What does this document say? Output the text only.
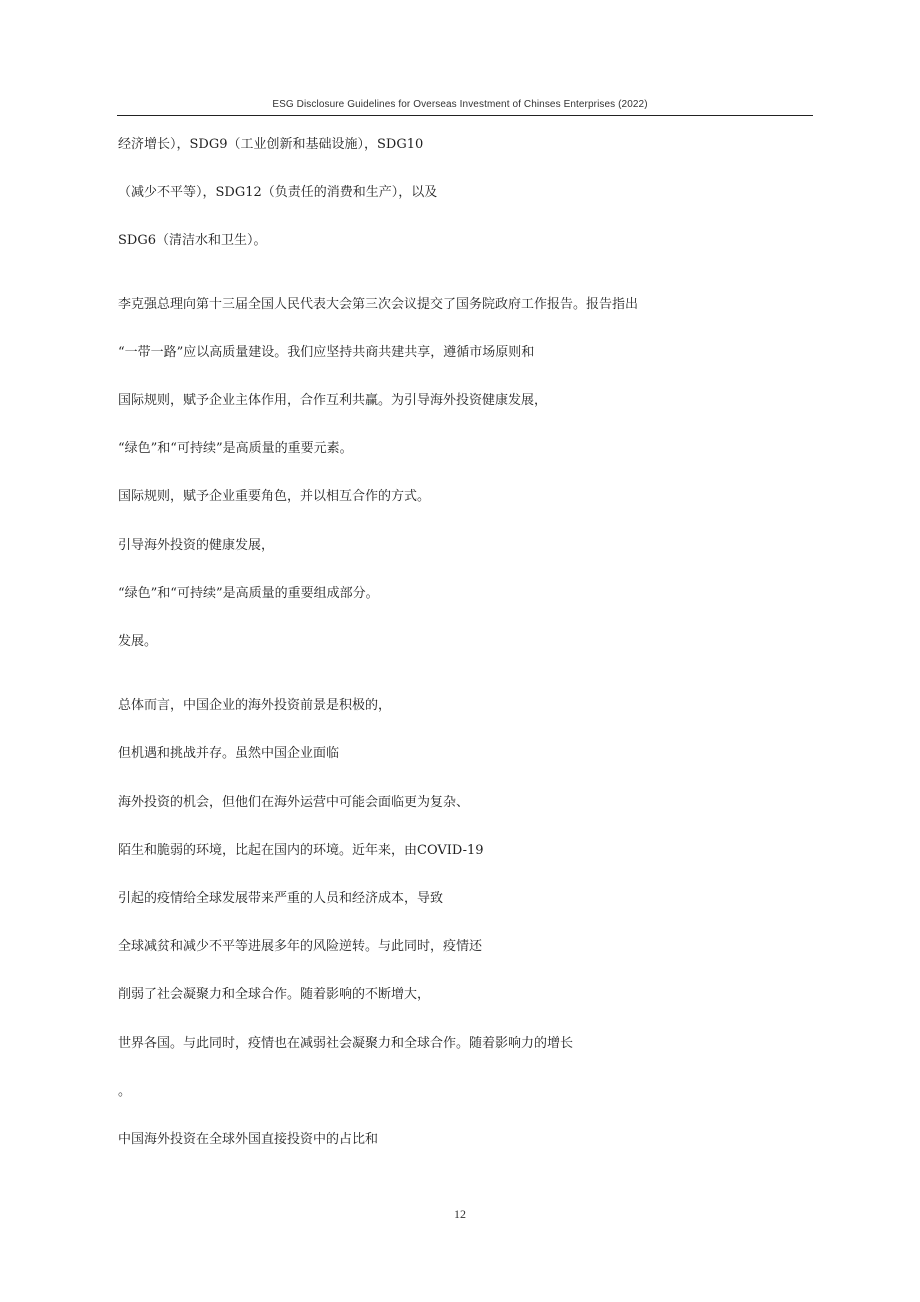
ESG Disclosure Guidelines for Overseas Investment of Chinses Enterprises (2022)
经济增长），SDG9（工业创新和基础设施），SDG10
（减少不平等），SDG12（负责任的消费和生产），以及
SDG6（清洁水和卫生）。
李克强总理向第十三届全国人民代表大会第三次会议提交了国务院政府工作报告。报告指出
“一带一路”应以高质量建设。我们应坚持共商共建共享，遵循市场原则和
国际规则，赋予企业主体作用，合作互利共赢。为引导海外投资健康发展，
“绿色”和“可持续”是高质量的重要元素。
国际规则，赋予企业重要角色，并以相互合作的方式。
引导海外投资的健康发展，
“绿色”和“可持续”是高质量的重要组成部分。
发展。
总体而言，中国企业的海外投资前景是积极的，
但机遇和挑战并存。虽然中国企业面临
海外投资的机会，但他们在海外运营中可能会面临更为复杂、
陌生和脆弱的环境，比起在国内的环境。近年来，由COVID-19
引起的疫情给全球发展带来严重的人员和经济成本，导致
全球减贫和减少不平等进展多年的风险逆转。与此同时，疫情还
削弱了社会凝聚力和全球合作。随着影响的不断增大，
世界各国。与此同时，疫情也在减弱社会凝聚力和全球合作。随着影响力的增长
。
中国海外投资在全球外国直接投资中的占比和
12
